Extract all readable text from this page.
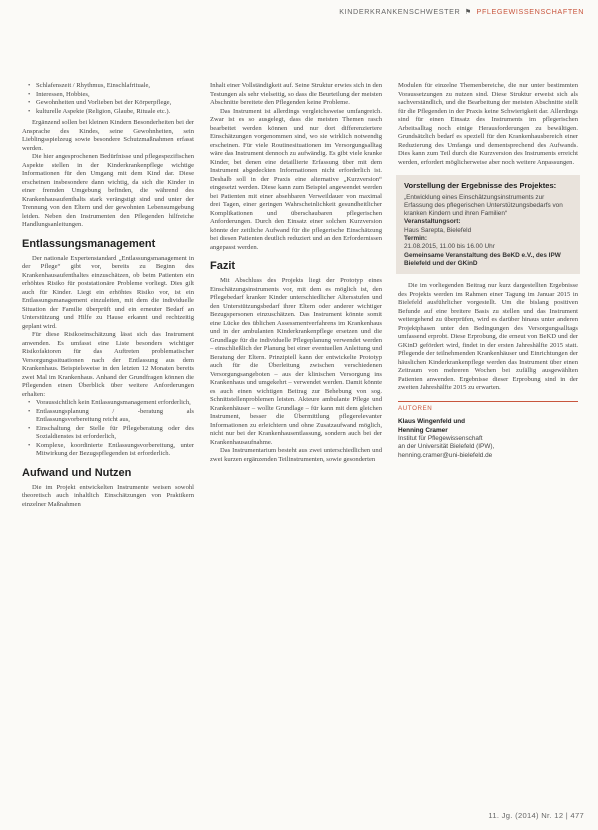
KINDERKRANKENSCHWESTER ⚑ PFLEGEWISSENSCHAFTEN
• Schlafenszeit / Rhythmus, Einschlafrituale,
• Interessen, Hobbies,
• Gewohnheiten und Vorlieben bei der Körperpflege,
• kulturelle Aspekte (Religion, Glaube, Rituale etc.).

Ergänzend sollen bei kleinen Kindern Besonderheiten bei der Ansprache des Kindes, seine Gewohnheiten, sein Lieblingsspielzeug sowie besondere Schutzmaßnahmen erfasst werden.

Die hier angesprochenen Bedürfnisse und pflegespezifischen Aspekte stellen in der Kinderkrankenpflege wichtige Informationen für den Umgang mit dem Kind dar. Diese erscheinen insbesondere dann wichtig, da sich die Kinder in einer fremden Umgebung befinden, die während des Krankenhausaufenthalts stark verängstigt sind und unter der Trennung von den Eltern und der gewohnten Lebensumgebung leiden. Neben den Instrumenten den Pflegenden hilfreiche Handlungsanleitungen.

Entlassungsmanagement

Der nationale Expertenstandard „Entlassungsmanagement in der Pflege“ gibt vor, bereits zu Beginn des Krankenhausaufenthaltes einzuschätzen, ob beim Patienten ein erhöhtes Risiko für poststationäre Probleme vorliegt. Dies gilt auch für Kinder. Liegt ein erhöhtes Risiko vor, ist ein Entlassungsmanagement einzuleiten, mit dem die individuelle Situation der Familie überprüft und ein erneuter Bedarf an Unterstützung und Hilfe zu Hause erkannt und rechtzeitig geplant wird.

Für diese Risikoeinschätzung lässt sich das Instrument anwenden. Es umfasst eine Liste besonders wichtiger Risikofaktoren für das Auftreten problematischer Versorgungssituationen nach der Entlassung aus dem Krankenhaus. Beispielsweise in den letzten 12 Monaten bereits zwei Mal im Krankenhaus. Anhand der Grundfragen können die Pflegenden einen Überblick über weitere Anforderungen erhalten:

• Voraussichtlich kein Entlassungsmanagement erforderlich,
• Entlassungsplanung / -beratung als Entlassungsvorbereitung reicht aus,
• Einschaltung der Stelle für Pflegeberatung oder des Sozialdienstes ist erforderlich,
• Komplexe, koordinierte Entlassungsvorbereitung, unter Mitwirkung der Bezugspflegenden ist erforderlich.
Aufwand und Nutzen

Die im Projekt entwickelten Instrumente weisen sowohl theoretisch auch inhaltlich Einschätzungen von Praktikern einzelner Maßnahmen

Inhalt einer Vollständigkeit auf. Seine Struktur erwies sich in den Testungen als sehr vielseitig, so dass die Beurteilung der meisten Abschnitte bereitete den Pflegenden keine Probleme.

Das Instrument ist allerdings vergleichsweise umfangreich. Zwar ist es so ausgelegt, dass die meisten Themen rasch bearbeitet werden können und nur dort differenziertere Einschätzungen vorgenommen sind, wo sie wirklich notwendig erscheinen. Für viele Routinesituationen im Versorgungsalltag wäre das Instrument dennoch zu aufwändig. Es gibt viele kranke Kinder, bei denen eine detaillierte Erfassung über mit dem Instrument abgedeckten Informationen nicht erforderlich ist. Deshalb soll in der Praxis eine alternative „Kurzversion“ eingesetzt werden. Diese kann zum Beispiel angewendet werden bei Patienten mit einer absehbaren Verweildauer von maximal drei Tagen, einer geringen Wahrscheinlichkeit gesundheitlicher Komplikationen und überschaubaren pflegerischen Anforderungen. Durch den Einsatz einer solchen Kurzversion könnte der zeitliche Aufwand für die pflegerische Einschätzung bei diesen Patienten deutlich reduziert und an den Erfordernissen angepasst werden.

Fazit

Mit Abschluss des Projekts liegt der Prototyp eines Einschätzungsinstruments vor, mit dem es möglich ist, den Pflegebedarf kranker Kinder unterschiedlicher Altersstufen und den Unterstützungsbedarf ihrer Eltern oder anderer wichtiger Bezugspersonen einzuschätzen. Das Instrument könnte somit eine Lücke des üblichen Assessmentverfahrens im Krankenhaus und in der ambulanten Kinderkrankenpflege ersetzen und die Grundlage für die individuelle Pflegeplanung verwendet werden – einschließlich der Planung bei einer eventuellen Anleitung und Beratung der Eltern. Prinzipiell kann der entwickelte Prototyp auch für die Überleitung zwischen verschiedenen Versorgungsangeboten – aus der klinischen Versorgung ins Krankenhaus und umgekehrt – verwendet werden. Damit könnte es auch einen wichtigen Beitrag zur Behebung von sog. Schnittstellenproblemen leisten. Akteure ambulante Pflege und Krankenhäuser – wollte Grundlage – für kann mit dem gleichen Instrument, besser die Übermittlung pflegerelevanter Informationen zu erleichtern und ohne Zusatzaufwand möglich, nicht nur bei der Krankenhausentlassung, sondern auch bei der Krankenhausaufnahme.

Das Instrumentarium besteht aus zwei unterschiedlichen und zwei kurzen ergänzenden Teilinstrumenten, sowie gesonderten

Modulen für einzelne Themenbereiche, die nur unter bestimmten Voraussetzungen zu nutzen sind. Diese Struktur erweist sich als sachverständlich, und die Bearbeitung der meisten Abschnitte stellt für die Pflegenden in der Praxis keine Schwierigkeit dar. Allerdings sind für einen Einsatz des Instruments im pflegerischen Arbeitsalltag noch einige Herausforderungen zu bewältigen. Grundsätzlich bedarf es speziell für den Krankenhausbereich einer Reduzierung des Umfangs und dementsprechend des Aufwands. Dies kann zum Teil durch die Kurzversion des Instruments erreicht werden, erfordert möglicherweise aber noch weitere Anpassungen.

Vorstellung der Ergebnisse des Projektes:
„Entwicklung eines Einschätzungsinstruments zur Erfassung des pflegerischen Unterstützungsbedarfs von kranken Kindern und ihren Familien“
Veranstaltungsort:
Haus Sarepta, Bielefeld
Termin:
21.08.2015, 11.00 bis 16.00 Uhr
Gemeinsame Veranstaltung des BeKD e.V., des IPW Bielefeld und der GKinD

Die im vorliegenden Beitrag nur kurz dargestellten Ergebnisse des Projekts werden im Rahmen einer Tagung im Januar 2015 in Bielefeld ausführlicher vorgestellt. Um die bislang positiven Befunde auf eine breitere Basis zu stellen und das Instrument weitergehend zu überprüfen, wird es darüber hinaus unter anderen Projektphasen unter den Bedingungen des Versorgungsalltags umfassend erprobt. Diese Erprobung, die erneut von BeKD und der GKinD gefördert wird, findet in der ersten Jahreshälfte 2015 statt. Pflegende der teilnehmenden Krankenhäuser und Einrichtungen der häuslichen Kinderkrankenpflege werden das Instrument über einen Zeitraum von mehreren Wochen bei zufällig ausgewählten Patienten anwenden. Ergebnisse dieser Erprobung sind in der zweiten Jahreshälfte 2015 zu erwarten.

AUTOREN
Klaus Wingenfeld und
Henning Cramer
Institut für Pflegewissenschaft
an der Universität Bielefeld (IPW),
henning.cramer@uni-bielefeld.de
11. Jg. (2014) Nr. 12 | 477
